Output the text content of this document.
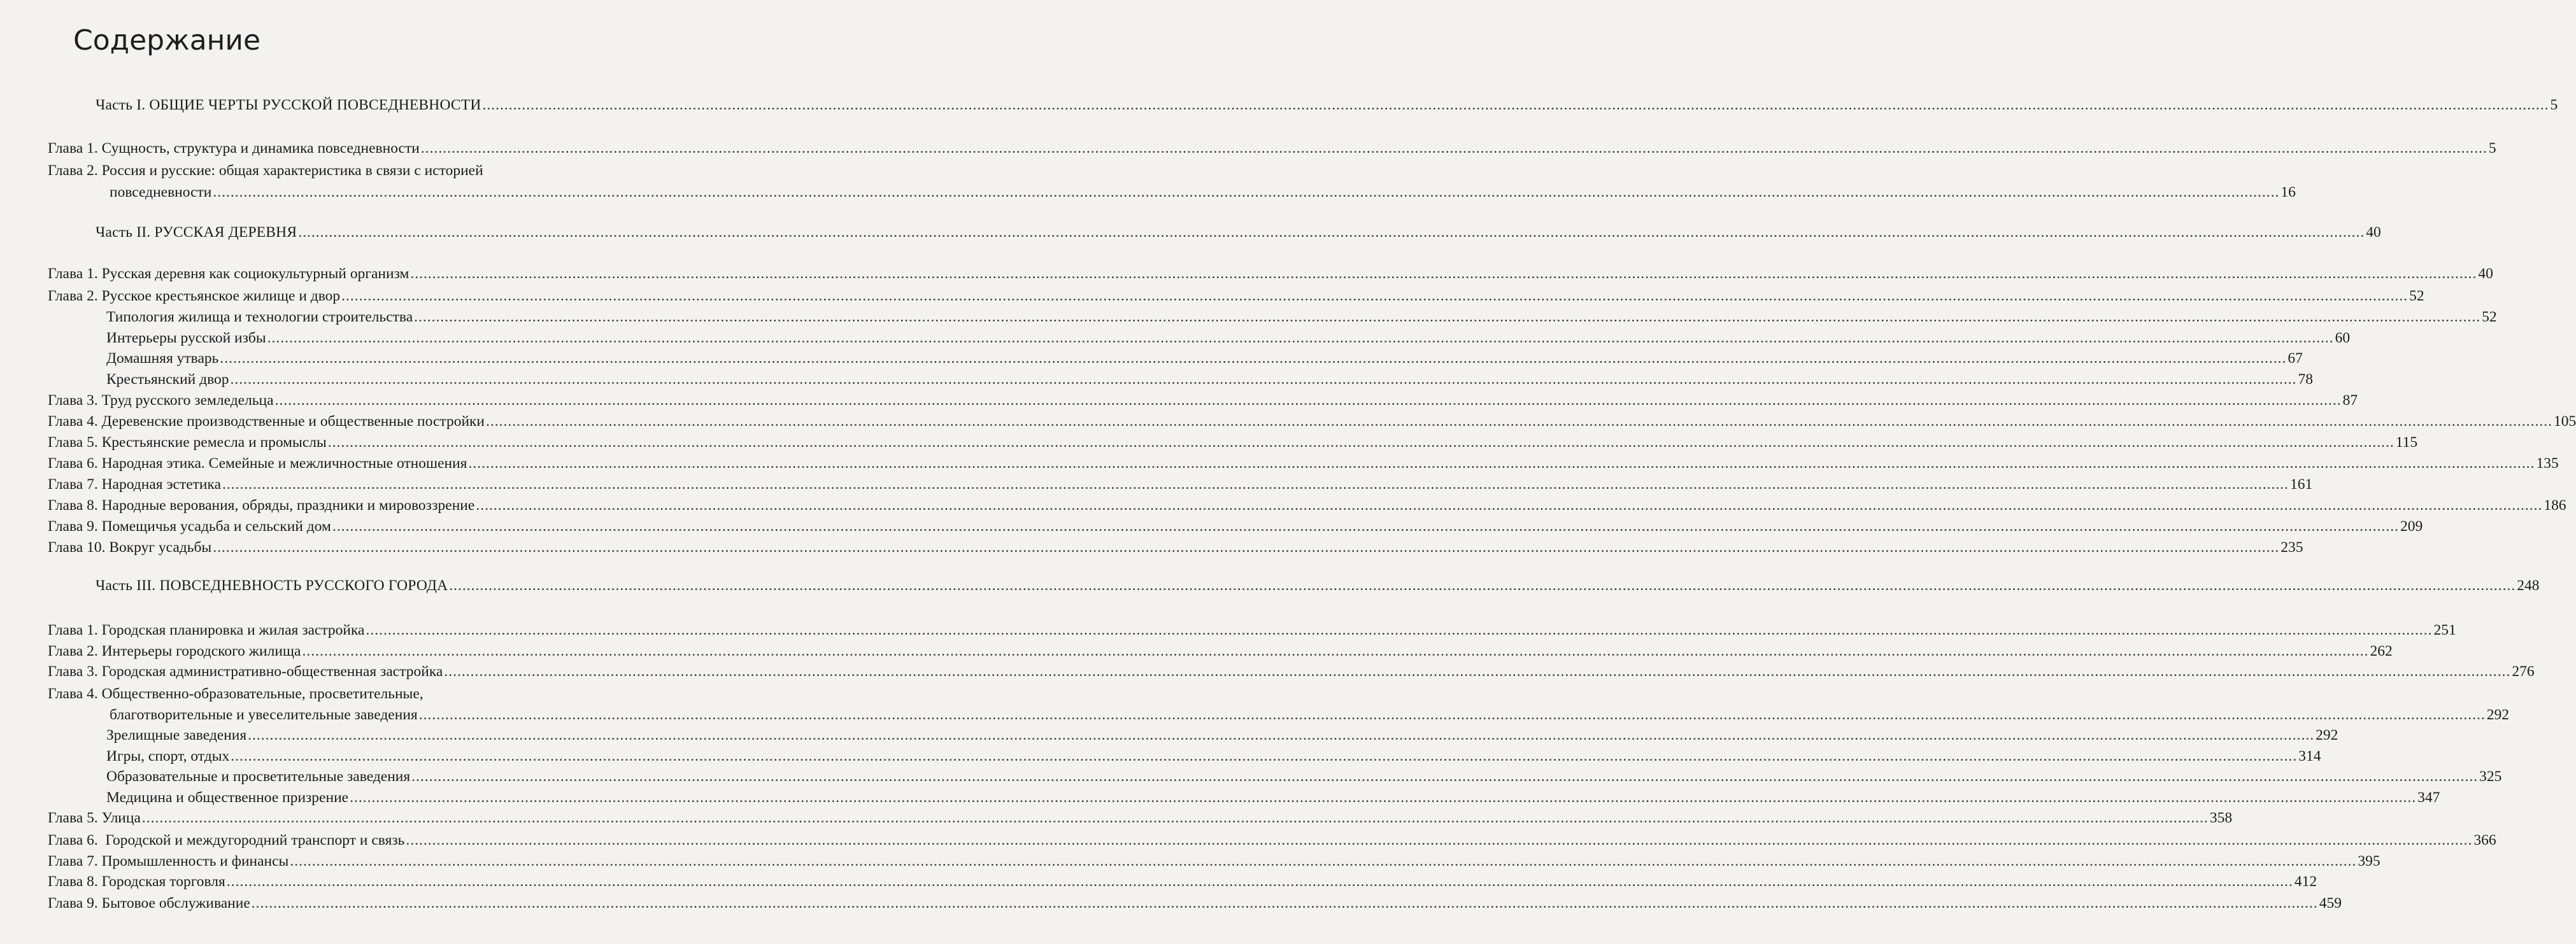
Содержание
Часть I. ОБЩИЕ ЧЕРТЫ РУССКОЙ ПОВСЕДНЕВНОСТИ .....	5
Глава 1. Сущность, структура и динамика повседневности .....	5
Глава 2. Россия и русские: общая характеристика в связи с историей
повседневности .....	16
Часть II. РУССКАЯ ДЕРЕВНЯ .....	40
Глава 1. Русская деревня как социокультурный организм .....	40
Глава 2. Русское крестьянское жилище и двор .....	52
Типология жилища и технологии строительства .....	52
Интерьеры русской избы .....	60
Домашняя утварь .....	67
Крестьянский двор .....	78
Глава 3. Труд русского земледельца .....	87
Глава 4. Деревенские производственные и общественные постройки .....	105
Глава 5. Крестьянские ремесла и промыслы .....	115
Глава 6. Народная этика. Семейные и межличностные отношения .....	135
Глава 7. Народная эстетика .....	161
Глава 8. Народные верования, обряды, праздники и мировоззрение .....	186
Глава 9. Помещичья усадьба и сельский дом .....	209
Глава 10. Вокруг усадьбы .....	235
Часть III. ПОВСЕДНЕВНОСТЬ РУССКОГО ГОРОДА .....	248
Глава 1. Городская планировка и жилая застройка .....	251
Глава 2. Интерьеры городского жилища .....	262
Глава 3. Городская административно-общественная застройка .....	276
Глава 4. Общественно-образовательные, просветительные,
благотворительные и увеселительные заведения .....	292
Зрелищные заведения .....	292
Игры, спорт, отдых .....	314
Образовательные и просветительные заведения .....	325
Медицина и общественное призрение .....	347
Глава 5. Улица .....	358
Глава 6.  Городской и междугородний транспорт и связь .....	366
Глава 7. Промышленность и финансы .....	395
Глава 8. Городская торговля .....	412
Глава 9. Бытовое обслуживание .....	459
